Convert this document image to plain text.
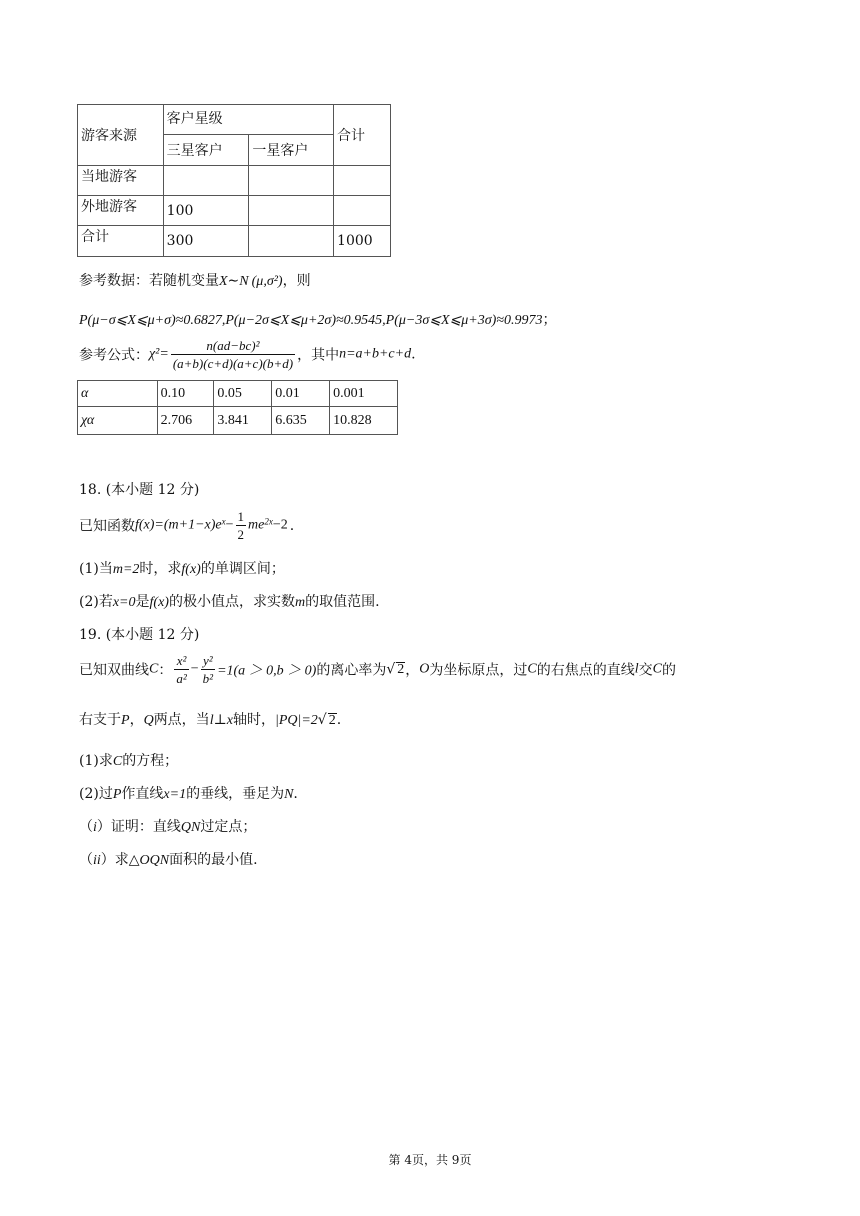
游客来源	客户星级		合计
	三星客户	一星客户	
当地游客			
外地游客	100		
合计	300		1000
参考数据：若随机变量X∼N (μ,σ²)，则
P(μ−σ⩽X⩽μ+σ)≈0.6827,P(μ−2σ⩽X⩽μ+2σ)≈0.9545,P(μ−3σ⩽X⩽μ+3σ)≈0.9973；
参考公式：$\chi^2= \frac{\text{n(ad−bc)²}}{(a+b)(c+d)(a+c)(b+d)}$ ，其中n=a+b+c+d.
α	0.10	0.05	0.01	0.001
χα	2.706	3.841	6.635	10.828
18. (本小题 12 分)
已知函数$f(x)=(m+1-x)e^x- \frac{1}{2} me^{2x}-2$ .
(1)当m=2时，求f(x)的单调区间；
(2)若x=0是f(x)的极小值点，求实数m的取值范围.
19. (本小题 12 分)
已知双曲线C： $\frac{\text{x²}}{\text{a²}} - \frac{\text{y²}}{\text{b²}} =1(a > 0,b > 0)$的离心率为√ 2，O为坐标原点，过C的右焦点的直线l交C的
右支于P，Q两点，当l⊥x轴时，|PQ|=2√ 2.
(1)求C的方程；
(2)过P作直线x=1的垂线，垂足为N.
（i）证明：直线QN过定点；
（ii）求△OQN面积的最小值.
第 4页，共 9页
